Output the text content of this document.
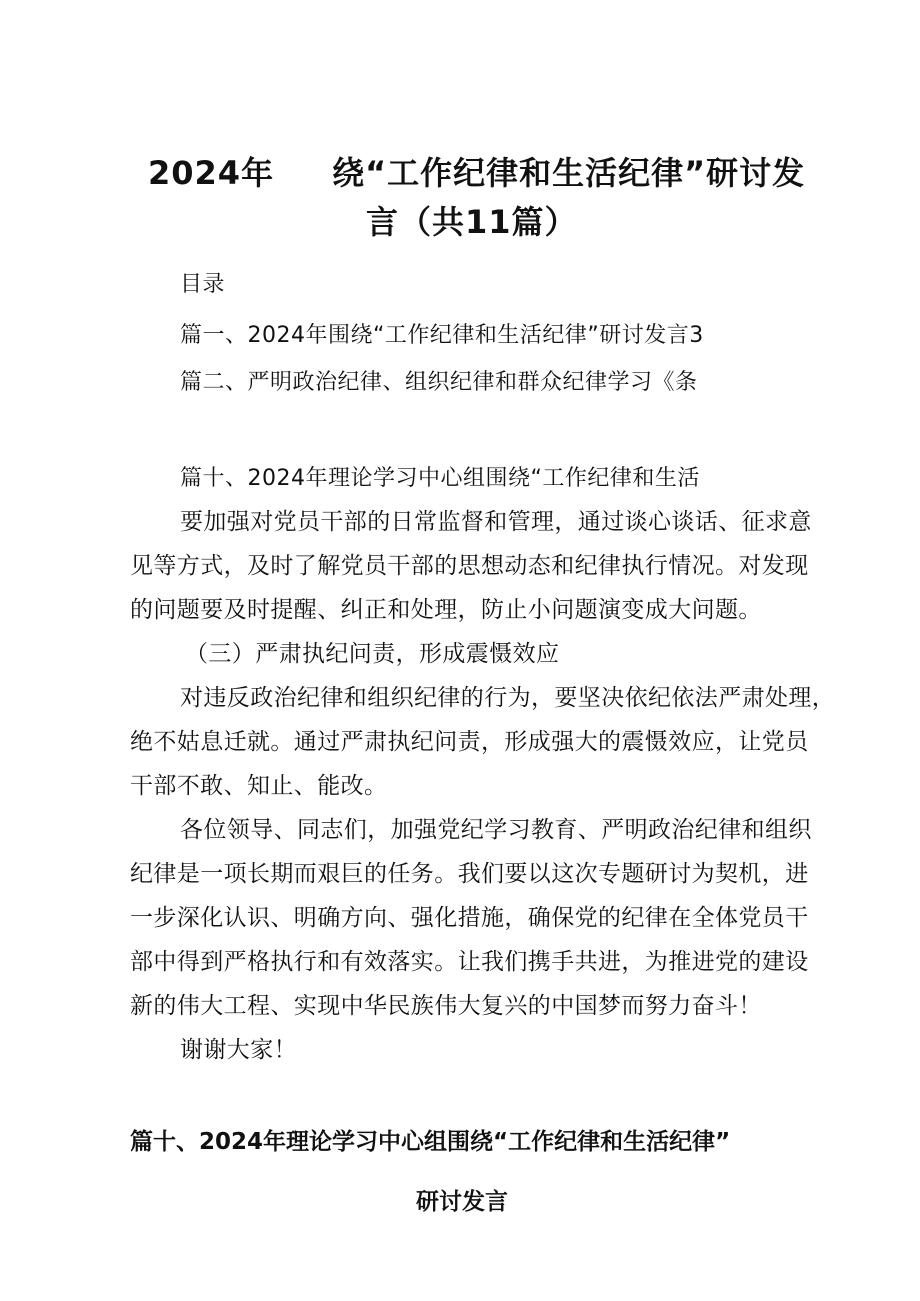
2024年 绕“工作纪律和生活纪律”研讨发
言（共11篇）
目录
篇一、2024年围绕“工作纪律和生活纪律”研讨发言3
篇二、严明政治纪律、组织纪律和群众纪律学习《条
篇十、2024年理论学习中心组围绕“工作纪律和生活
要加强对党员干部的日常监督和管理，通过谈心谈话、征求意
见等方式，及时了解党员干部的思想动态和纪律执行情况。对发现
的问题要及时提醒、纠正和处理，防止小问题演变成大问题。
（三）严肃执纪问责，形成震慑效应
对违反政治纪律和组织纪律的行为，要坚决依纪依法严肃处理，
绝不姑息迁就。通过严肃执纪问责，形成强大的震慑效应，让党员
干部不敢、知止、能改。
各位领导、同志们，加强党纪学习教育、严明政治纪律和组织
纪律是一项长期而艰巨的任务。我们要以这次专题研讨为契机，进
一步深化认识、明确方向、强化措施，确保党的纪律在全体党员干
部中得到严格执行和有效落实。让我们携手共进，为推进党的建设
新的伟大工程、实现中华民族伟大复兴的中国梦而努力奋斗！
谢谢大家！
篇十、2024年理论学习中心组围绕“工作纪律和生活纪律”
研讨发言
